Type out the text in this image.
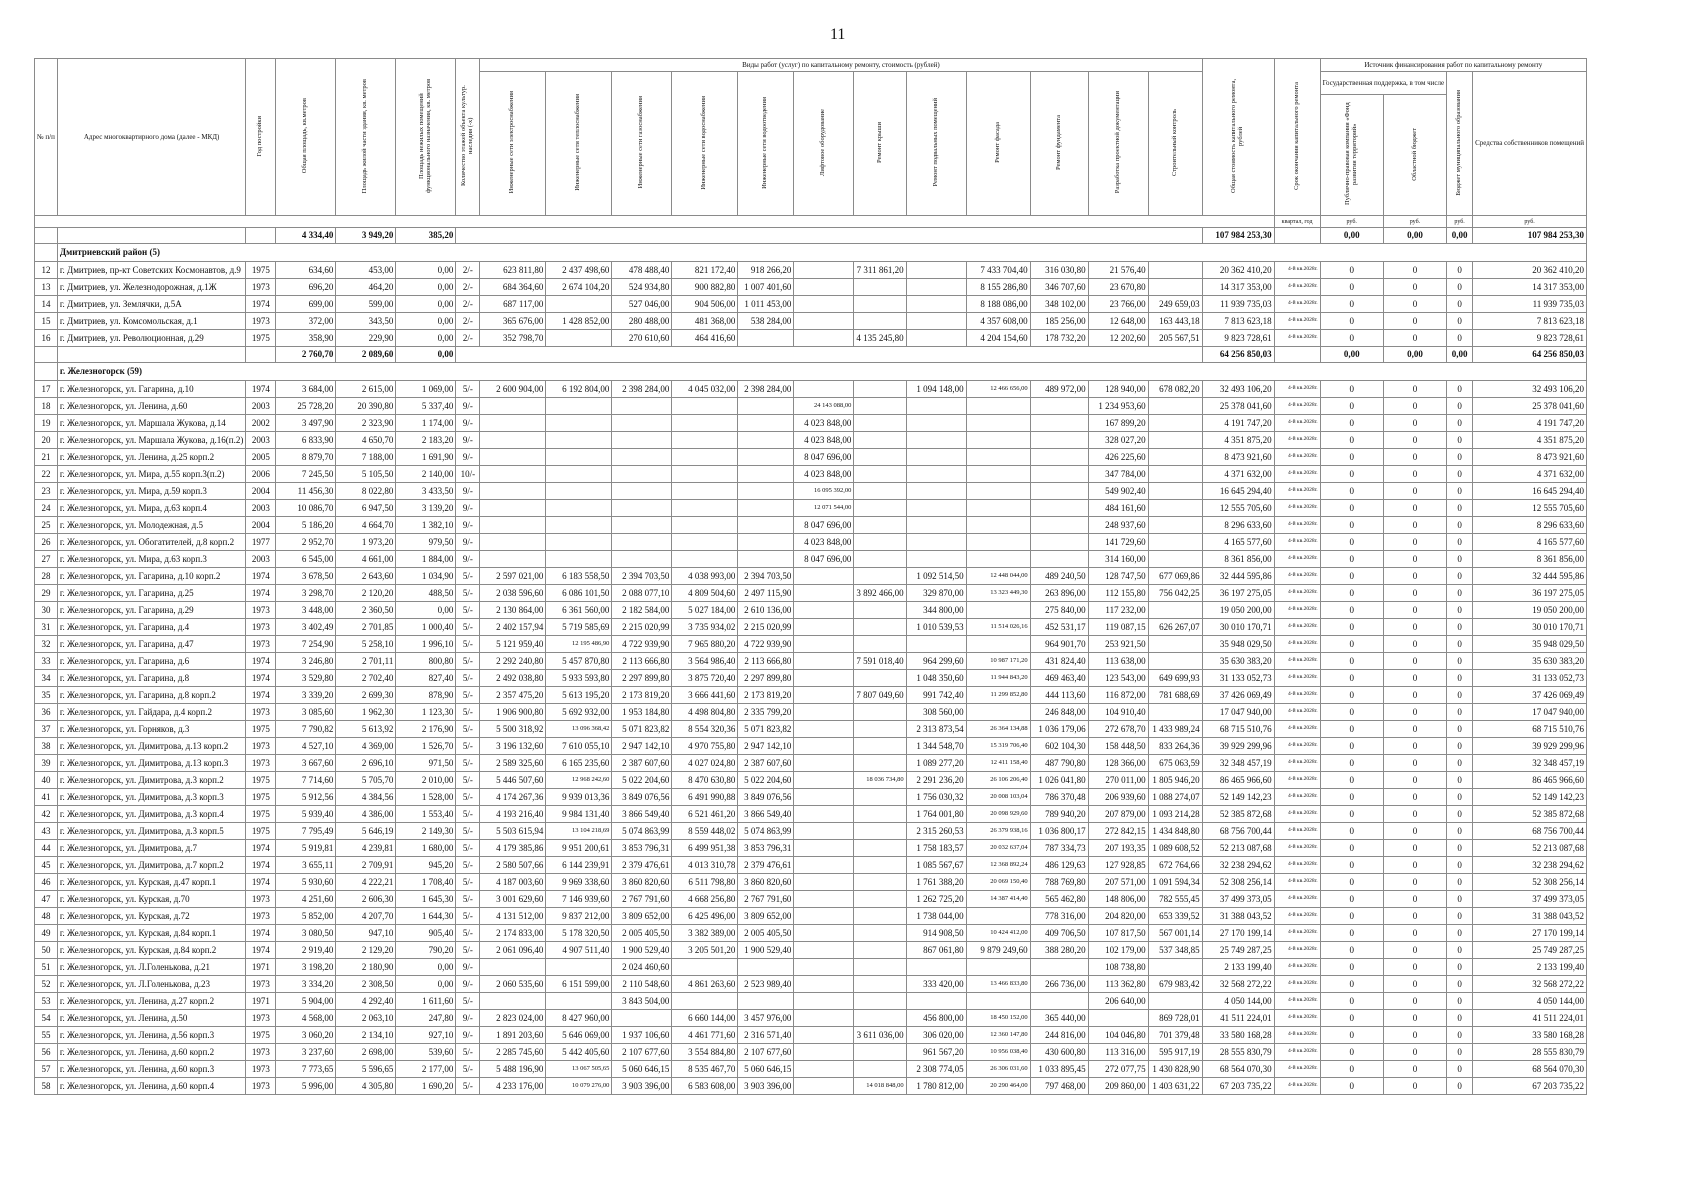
11
№ п/п	Адрес многоквартирного дома (далее - МКД)	Год постройки	Общая площадь, кв.метров	Площадь жилой части здания, кв. метров	Площадь нежилых помещений функционального назначения, кв. метров	Количество этажей объекта культур. наследия (-х)	Виды работ (услуг) по капитальному ремонту, стоимость (рублей)												Общая стоимость капитального ремонта, рублей	Срок окончания капитального ремонта	Источник финансирования работ по капитальному ремонту			
							Инженерные сети электроснабжения	Инженерные сети теплоснабжения	Инженерные сети газоснабжения	Инженерные сети водоснабжения	Инженерные сети водоотведения	Лифтовое оборудование	Ремонт крыши	Ремонт подвальных помещений	Ремонт фасада	Ремонт фундамента	Разработка проектной документации	Строительный контроль			Государственная поддержка, в том числе		Бюджет муниципального образования	Средства собственников помещений
																					Публично-правовая компания «Фонд развития территорий»	Областной бюджет		
																				квартал, год	руб.	руб.	руб.	руб.
			4 334,40	3 949,20	385,20														107 984 253,30		0,00	0,00	0,00	107 984 253,30
	Дмитриевский район (5)																							
12	г. Дмитриев, пр-кт Советских Космонавтов, д.9	1975	634,60	453,00	0,00	2/-	623 811,80	2 437 498,60	478 488,40	821 172,40	918 266,20		7 311 861,20		7 433 704,40	316 030,80	21 576,40		20 362 410,20	4-й кв.2028г.	0	0	0	20 362 410,20
13	г. Дмитриев, ул. Железнодорожная, д.1Ж	1973	696,20	464,20	0,00	2/-	684 364,60	2 674 104,20	524 934,80	900 882,80	1 007 401,60				8 155 286,80	346 707,60	23 670,80		14 317 353,00	4-й кв.2028г.	0	0	0	14 317 353,00
14	г. Дмитриев, ул. Землячки, д.5А	1974	699,00	599,00	0,00	2/-	687 117,00		527 046,00	904 506,00	1 011 453,00				8 188 086,00	348 102,00	23 766,00	249 659,03	11 939 735,03	4-й кв.2028г.	0	0	0	11 939 735,03
15	г. Дмитриев, ул. Комсомольская, д.1	1973	372,00	343,50	0,00	2/-	365 676,00	1 428 852,00	280 488,00	481 368,00	538 284,00				4 357 608,00	185 256,00	12 648,00	163 443,18	7 813 623,18	4-й кв.2028г.	0	0	0	7 813 623,18
16	г. Дмитриев, ул. Революционная, д.29	1975	358,90	229,90	0,00	2/-	352 798,70		270 610,60	464 416,60			4 135 245,80		4 204 154,60	178 732,20	12 202,60	205 567,51	9 823 728,61	4-й кв.2028г.	0	0	0	9 823 728,61
			2 760,70	2 089,60	0,00														64 256 850,03		0,00	0,00	0,00	64 256 850,03
	г. Железногорск (59)																							
17	г. Железногорск, ул. Гагарина, д.10	1974	3 684,00	2 615,00	1 069,00	5/-	2 600 904,00	6 192 804,00	2 398 284,00	4 045 032,00	2 398 284,00			1 094 148,00	12 466 656,00	489 972,00	128 940,00	678 082,20	32 493 106,20	4-й кв.2028г.	0	0	0	32 493 106,20
18	г. Железногорск, ул. Ленина, д.60	2003	25 728,20	20 390,80	5 337,40	9/-						24 143 088,00					1 234 953,60		25 378 041,60	4-й кв.2028г.	0	0	0	25 378 041,60
19	г. Железногорск, ул. Маршала Жукова, д.14	2002	3 497,90	2 323,90	1 174,00	9/-						4 023 848,00					167 899,20		4 191 747,20	4-й кв.2028г.	0	0	0	4 191 747,20
20	г. Железногорск, ул. Маршала Жукова, д.16(п.2)	2003	6 833,90	4 650,70	2 183,20	9/-						4 023 848,00					328 027,20		4 351 875,20	4-й кв.2028г.	0	0	0	4 351 875,20
21	г. Железногорск, ул. Ленина, д.25 корп.2	2005	8 879,70	7 188,00	1 691,90	9/-						8 047 696,00					426 225,60		8 473 921,60	4-й кв.2028г.	0	0	0	8 473 921,60
22	г. Железногорск, ул. Мира, д.55 корп.3(п.2)	2006	7 245,50	5 105,50	2 140,00	10/-						4 023 848,00					347 784,00		4 371 632,00	4-й кв.2028г.	0	0	0	4 371 632,00
23	г. Железногорск, ул. Мира, д.59 корп.3	2004	11 456,30	8 022,80	3 433,50	9/-						16 095 392,00					549 902,40		16 645 294,40	4-й кв.2028г.	0	0	0	16 645 294,40
24	г. Железногорск, ул. Мира, д.63 корп.4	2003	10 086,70	6 947,50	3 139,20	9/-						12 071 544,00					484 161,60		12 555 705,60	4-й кв.2028г.	0	0	0	12 555 705,60
25	г. Железногорск, ул. Молодежная, д.5	2004	5 186,20	4 664,70	1 382,10	9/-						8 047 696,00					248 937,60		8 296 633,60	4-й кв.2028г.	0	0	0	8 296 633,60
26	г. Железногорск, ул. Обогатителей, д.8 корп.2	1977	2 952,70	1 973,20	979,50	9/-						4 023 848,00					141 729,60		4 165 577,60	4-й кв.2028г.	0	0	0	4 165 577,60
27	г. Железногорск, ул. Мира, д.63 корп.3	2003	6 545,00	4 661,00	1 884,00	9/-						8 047 696,00					314 160,00		8 361 856,00	4-й кв.2028г.	0	0	0	8 361 856,00
28	г. Железногорск, ул. Гагарина, д.10 корп.2	1974	3 678,50	2 643,60	1 034,90	5/-	2 597 021,00	6 183 558,50	2 394 703,50	4 038 993,00	2 394 703,50			1 092 514,50	12 448 044,00	489 240,50	128 747,50	677 069,86	32 444 595,86	4-й кв.2028г.	0	0	0	32 444 595,86
29	г. Железногорск, ул. Гагарина, д.25	1974	3 298,70	2 120,20	488,50	5/-	2 038 596,60	6 086 101,50	2 088 077,10	4 809 504,60	2 497 115,90		3 892 466,00	329 870,00	13 323 449,30	263 896,00	112 155,80	756 042,25	36 197 275,05	4-й кв.2028г.	0	0	0	36 197 275,05
30	г. Железногорск, ул. Гагарина, д.29	1973	3 448,00	2 360,50	0,00	5/-	2 130 864,00	6 361 560,00	2 182 584,00	5 027 184,00	2 610 136,00			344 800,00		275 840,00	117 232,00		19 050 200,00	4-й кв.2028г.	0	0	0	19 050 200,00
31	г. Железногорск, ул. Гагарина, д.4	1973	3 402,49	2 701,85	1 000,40	5/-	2 402 157,94	5 719 585,69	2 215 020,99	3 735 934,02	2 215 020,99			1 010 539,53	11 514 026,16	452 531,17	119 087,15	626 267,07	30 010 170,71	4-й кв.2028г.	0	0	0	30 010 170,71
32	г. Железногорск, ул. Гагарина, д.47	1973	7 254,90	5 258,10	1 996,10	5/-	5 121 959,40	12 195 486,90	4 722 939,90	7 965 880,20	4 722 939,90					964 901,70	253 921,50		35 948 029,50	4-й кв.2028г.	0	0	0	35 948 029,50
33	г. Железногорск, ул. Гагарина, д.6	1974	3 246,80	2 701,11	800,80	5/-	2 292 240,80	5 457 870,80	2 113 666,80	3 564 986,40	2 113 666,80		7 591 018,40	964 299,60	10 987 171,20	431 824,40	113 638,00		35 630 383,20	4-й кв.2028г.	0	0	0	35 630 383,20
34	г. Железногорск, ул. Гагарина, д.8	1974	3 529,80	2 702,40	827,40	5/-	2 492 038,80	5 933 593,80	2 297 899,80	3 875 720,40	2 297 899,80			1 048 350,60	11 944 843,20	469 463,40	123 543,00	649 699,93	31 133 052,73	4-й кв.2028г.	0	0	0	31 133 052,73
35	г. Железногорск, ул. Гагарина, д.8 корп.2	1974	3 339,20	2 699,30	878,90	5/-	2 357 475,20	5 613 195,20	2 173 819,20	3 666 441,60	2 173 819,20		7 807 049,60	991 742,40	11 299 852,80	444 113,60	116 872,00	781 688,69	37 426 069,49	4-й кв.2028г.	0	0	0	37 426 069,49
36	г. Железногорск, ул. Гайдара, д.4 корп.2	1973	3 085,60	1 962,30	1 123,30	5/-	1 906 900,80	5 692 932,00	1 953 184,80	4 498 804,80	2 335 799,20			308 560,00		246 848,00	104 910,40		17 047 940,00	4-й кв.2028г.	0	0	0	17 047 940,00
37	г. Железногорск, ул. Горняков, д.3	1975	7 790,82	5 613,92	2 176,90	5/-	5 500 318,92	13 096 368,42	5 071 823,82	8 554 320,36	5 071 823,82			2 313 873,54	26 364 134,88	1 036 179,06	272 678,70	1 433 989,24	68 715 510,76	4-й кв.2028г.	0	0	0	68 715 510,76
38	г. Железногорск, ул. Димитрова, д.13 корп.2	1973	4 527,10	4 369,00	1 526,70	5/-	3 196 132,60	7 610 055,10	2 947 142,10	4 970 755,80	2 947 142,10			1 344 548,70	15 319 706,40	602 104,30	158 448,50	833 264,36	39 929 299,96	4-й кв.2028г.	0	0	0	39 929 299,96
39	г. Железногорск, ул. Димитрова, д.13 корп.3	1973	3 667,60	2 696,10	971,50	5/-	2 589 325,60	6 165 235,60	2 387 607,60	4 027 024,80	2 387 607,60			1 089 277,20	12 411 158,40	487 790,80	128 366,00	675 063,59	32 348 457,19	4-й кв.2028г.	0	0	0	32 348 457,19
40	г. Железногорск, ул. Димитрова, д.3 корп.2	1975	7 714,60	5 705,70	2 010,00	5/-	5 446 507,60	12 968 242,60	5 022 204,60	8 470 630,80	5 022 204,60		18 036 734,80	2 291 236,20	26 106 206,40	1 026 041,80	270 011,00	1 805 946,20	86 465 966,60	4-й кв.2028г.	0	0	0	86 465 966,60
41	г. Железногорск, ул. Димитрова, д.3 корп.3	1975	5 912,56	4 384,56	1 528,00	5/-	4 174 267,36	9 939 013,36	3 849 076,56	6 491 990,88	3 849 076,56			1 756 030,32	20 008 103,04	786 370,48	206 939,60	1 088 274,07	52 149 142,23	4-й кв.2028г.	0	0	0	52 149 142,23
42	г. Железногорск, ул. Димитрова, д.3 корп.4	1975	5 939,40	4 386,00	1 553,40	5/-	4 193 216,40	9 984 131,40	3 866 549,40	6 521 461,20	3 866 549,40			1 764 001,80	20 098 929,60	789 940,20	207 879,00	1 093 214,28	52 385 872,68	4-й кв.2028г.	0	0	0	52 385 872,68
43	г. Железногорск, ул. Димитрова, д.3 корп.5	1975	7 795,49	5 646,19	2 149,30	5/-	5 503 615,94	13 104 218,69	5 074 863,99	8 559 448,02	5 074 863,99			2 315 260,53	26 379 938,16	1 036 800,17	272 842,15	1 434 848,80	68 756 700,44	4-й кв.2028г.	0	0	0	68 756 700,44
44	г. Железногорск, ул. Димитрова, д.7	1974	5 919,81	4 239,81	1 680,00	5/-	4 179 385,86	9 951 200,61	3 853 796,31	6 499 951,38	3 853 796,31			1 758 183,57	20 032 637,04	787 334,73	207 193,35	1 089 608,52	52 213 087,68	4-й кв.2028г.	0	0	0	52 213 087,68
45	г. Железногорск, ул. Димитрова, д.7 корп.2	1974	3 655,11	2 709,91	945,20	5/-	2 580 507,66	6 144 239,91	2 379 476,61	4 013 310,78	2 379 476,61			1 085 567,67	12 368 892,24	486 129,63	127 928,85	672 764,66	32 238 294,62	4-й кв.2028г.	0	0	0	32 238 294,62
46	г. Железногорск, ул. Курская, д.47 корп.1	1974	5 930,60	4 222,21	1 708,40	5/-	4 187 003,60	9 969 338,60	3 860 820,60	6 511 798,80	3 860 820,60			1 761 388,20	20 069 150,40	788 769,80	207 571,00	1 091 594,34	52 308 256,14	4-й кв.2028г.	0	0	0	52 308 256,14
47	г. Железногорск, ул. Курская, д.70	1973	4 251,60	2 606,30	1 645,30	5/-	3 001 629,60	7 146 939,60	2 767 791,60	4 668 256,80	2 767 791,60			1 262 725,20	14 387 414,40	565 462,80	148 806,00	782 555,45	37 499 373,05	4-й кв.2028г.	0	0	0	37 499 373,05
48	г. Железногорск, ул. Курская, д.72	1973	5 852,00	4 207,70	1 644,30	5/-	4 131 512,00	9 837 212,00	3 809 652,00	6 425 496,00	3 809 652,00			1 738 044,00		778 316,00	204 820,00	653 339,52	31 388 043,52	4-й кв.2028г.	0	0	0	31 388 043,52
49	г. Железногорск, ул. Курская, д.84 корп.1	1974	3 080,50	947,10	905,40	5/-	2 174 833,00	5 178 320,50	2 005 405,50	3 382 389,00	2 005 405,50			914 908,50	10 424 412,00	409 706,50	107 817,50	567 001,14	27 170 199,14	4-й кв.2028г.	0	0	0	27 170 199,14
50	г. Железногорск, ул. Курская, д.84 корп.2	1974	2 919,40	2 129,20	790,20	5/-	2 061 096,40	4 907 511,40	1 900 529,40	3 205 501,20	1 900 529,40			867 061,80	9 879 249,60	388 280,20	102 179,00	537 348,85	25 749 287,25	4-й кв.2028г.	0	0	0	25 749 287,25
51	г. Железногорск, ул. Л.Голенькова, д.21	1971	3 198,20	2 180,90	0,00	9/-			2 024 460,60								108 738,80		2 133 199,40	4-й кв.2028г.	0	0	0	2 133 199,40
52	г. Железногорск, ул. Л.Голенькова, д.23	1973	3 334,20	2 308,50	0,00	9/-	2 060 535,60	6 151 599,00	2 110 548,60	4 861 263,60	2 523 989,40			333 420,00	13 466 833,80	266 736,00	113 362,80	679 983,42	32 568 272,22	4-й кв.2028г.	0	0	0	32 568 272,22
53	г. Железногорск, ул. Ленина, д.27 корп.2	1971	5 904,00	4 292,40	1 611,60	5/-			3 843 504,00								206 640,00		4 050 144,00	4-й кв.2028г.	0	0	0	4 050 144,00
54	г. Железногорск, ул. Ленина, д.50	1973	4 568,00	2 063,10	247,80	9/-	2 823 024,00	8 427 960,00		6 660 144,00	3 457 976,00			456 800,00	18 450 152,00	365 440,00		869 728,01	41 511 224,01	4-й кв.2028г.	0	0	0	41 511 224,01
55	г. Железногорск, ул. Ленина, д.56 корп.3	1975	3 060,20	2 134,10	927,10	9/-	1 891 203,60	5 646 069,00	1 937 106,60	4 461 771,60	2 316 571,40		3 611 036,00	306 020,00	12 360 147,80	244 816,00	104 046,80	701 379,48	33 580 168,28	4-й кв.2028г.	0	0	0	33 580 168,28
56	г. Железногорск, ул. Ленина, д.60 корп.2	1973	3 237,60	2 698,00	539,60	5/-	2 285 745,60	5 442 405,60	2 107 677,60	3 554 884,80	2 107 677,60			961 567,20	10 956 038,40	430 600,80	113 316,00	595 917,19	28 555 830,79	4-й кв.2028г.	0	0	0	28 555 830,79
57	г. Железногорск, ул. Ленина, д.60 корп.3	1973	7 773,65	5 596,65	2 177,00	5/-	5 488 196,90	13 067 505,65	5 060 646,15	8 535 467,70	5 060 646,15			2 308 774,05	26 306 031,60	1 033 895,45	272 077,75	1 430 828,90	68 564 070,30	4-й кв.2028г.	0	0	0	68 564 070,30
58	г. Железногорск, ул. Ленина, д.60 корп.4	1973	5 996,00	4 305,80	1 690,20	5/-	4 233 176,00	10 079 276,00	3 903 396,00	6 583 608,00	3 903 396,00		14 018 848,00	1 780 812,00	20 290 464,00	797 468,00	209 860,00	1 403 631,22	67 203 735,22	4-й кв.2028г.	0	0	0	67 203 735,22
